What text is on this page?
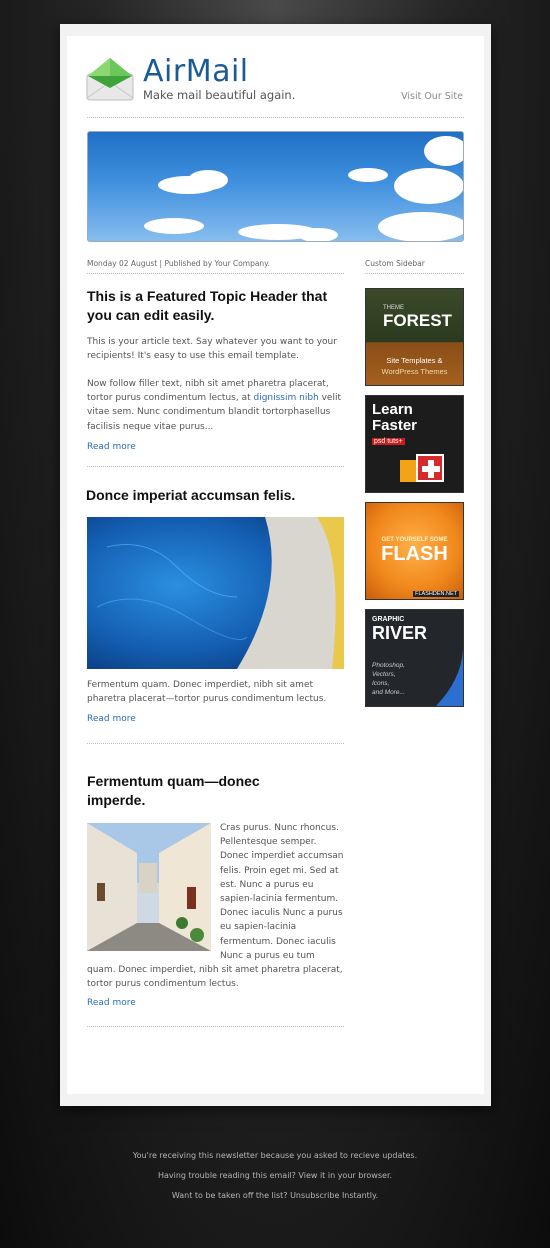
AirMail
Make mail beautiful again.	Visit Our Site
Monday 02 August | Published by Your Company.	Custom Sidebar
This is a Featured Topic Header that you can edit easily.

This is your article text. Say whatever you want to your recipients! It's easy to use this email template.

Now follow filler text, nibh sit amet pharetra placerat, tortor purus condimentum lectus, at dignissim nibh velit vitae sem. Nunc condimentum blandit tortorphasellus facilisis neque vitae purus...

Read more
Donce imperiat accumsan felis.

Fermentum quam. Donec imperdiet, nibh sit amet pharetra placerat—tortor purus condimentum lectus.

Read more
Fermentum quam—donec imperde.

Cras purus. Nunc rhoncus. Pellentesque semper. Donec imperdiet accumsan felis. Proin eget mi. Sed at est. Nunc a purus eu sapien-lacinia fermentum. Donec iaculis Nunc a purus eu sapien-lacinia fermentum. Donec iaculis Nunc a purus eu tum quam. Donec imperdiet, nibh sit amet pharetra placerat, tortor purus condimentum lectus.

Read more
THEME
FOREST
Site Templates &
WordPress Themes
Learn
Faster
psd tuts+
GET YOURSELF SOME
FLASH
FLASHDEN.NET
GRAPHIC
RIVER
Photoshop,
Vectors,
Icons,
and More...
You're receiving this newsletter because you asked to recieve updates.
Having trouble reading this email? View it in your browser.
Want to be taken off the list? Unsubscribe Instantly.
